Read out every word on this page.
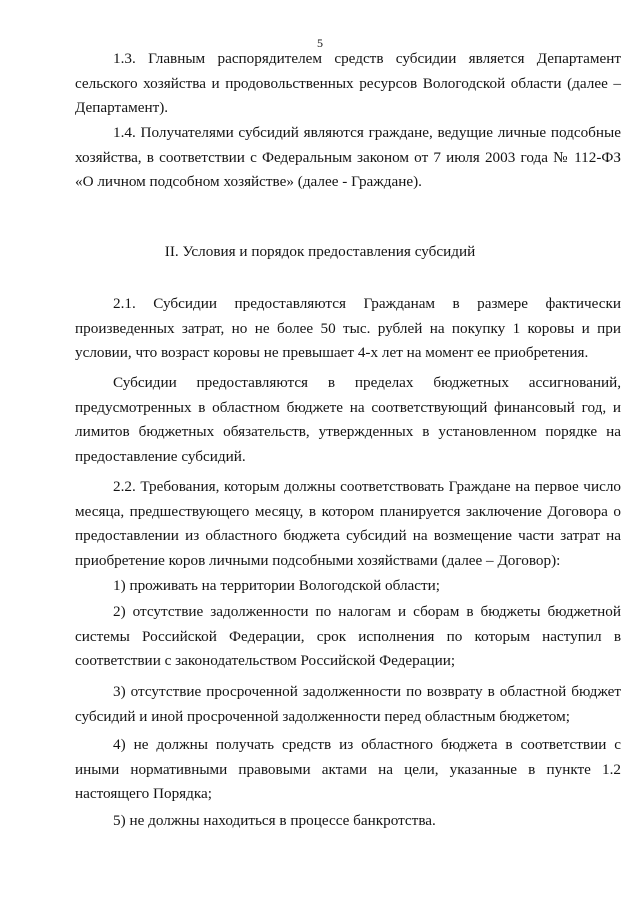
5

1.3. Главным распорядителем средств субсидии является Департамент сельского хозяйства и продовольственных ресурсов Вологодской области (далее – Департамент).

1.4. Получателями субсидий являются граждане, ведущие личные подсобные хозяйства, в соответствии с Федеральным законом от 7 июля 2003 года № 112-ФЗ «О личном подсобном хозяйстве» (далее - Граждане).

II. Условия и порядок предоставления субсидий

2.1. Субсидии предоставляются Гражданам в размере фактически произведенных затрат, но не более 50 тыс. рублей на покупку 1 коровы и при условии, что возраст коровы не превышает 4-х лет на момент ее приобретения.

Субсидии предоставляются в пределах бюджетных ассигнований, предусмотренных в областном бюджете на соответствующий финансовый год, и лимитов бюджетных обязательств, утвержденных в установленном порядке на предоставление субсидий.

2.2. Требования, которым должны соответствовать Граждане на первое число месяца, предшествующего месяцу, в котором планируется заключение Договора о предоставлении из областного бюджета субсидий на возмещение части затрат на приобретение коров личными подсобными хозяйствами (далее – Договор):

1) проживать на территории Вологодской области;

2) отсутствие задолженности по налогам и сборам в бюджеты бюджетной системы Российской Федерации, срок исполнения по которым наступил в соответствии с законодательством Российской Федерации;

3) отсутствие просроченной задолженности по возврату в областной бюджет субсидий и иной просроченной задолженности перед областным бюджетом;

4) не должны получать средств из областного бюджета в соответствии с иными нормативными правовыми актами на цели, указанные в пункте 1.2 настоящего Порядка;

5) не должны находиться в процессе банкротства.
